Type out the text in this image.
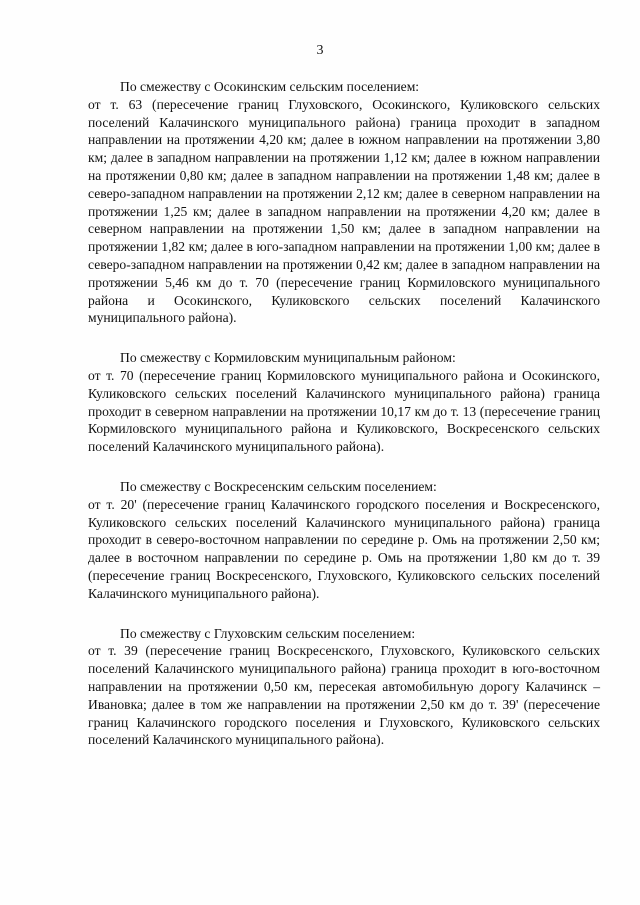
3

По смежеству с Осокинским сельским поселением:

от т. 63 (пересечение границ Глуховского, Осокинского, Куликовского сельских поселений Калачинского муниципального района) граница проходит в западном направлении на протяжении 4,20 км; далее в южном направлении на протяжении 3,80 км; далее в западном направлении на протяжении 1,12 км; далее в южном направлении на протяжении 0,80 км; далее в западном направлении на протяжении 1,48 км; далее в северо-западном направлении на протяжении 2,12 км; далее в северном направлении на протяжении 1,25 км; далее в западном направлении на протяжении 4,20 км; далее в северном направлении на протяжении 1,50 км; далее в западном направлении на протяжении 1,82 км; далее в юго-западном направлении на протяжении 1,00 км; далее в северо-западном направлении на протяжении 0,42 км; далее в западном направлении на протяжении 5,46 км до т. 70 (пересечение границ Кормиловского муниципального района и Осокинского, Куликовского сельских поселений Калачинского муниципального района).

По смежеству с Кормиловским муниципальным районом:

от т. 70 (пересечение границ Кормиловского муниципального района и Осокинского, Куликовского сельских поселений Калачинского муниципального района) граница проходит в северном направлении на протяжении 10,17 км до т. 13 (пересечение границ Кормиловского муниципального района и Куликовского, Воскресенского сельских поселений Калачинского муниципального района).

По смежеству с Воскресенским сельским поселением:

от т. 20' (пересечение границ Калачинского городского поселения и Воскресенского, Куликовского сельских поселений Калачинского муниципального района) граница проходит в северо-восточном направлении по середине р. Омь на протяжении 2,50 км; далее в восточном направлении по середине р. Омь на протяжении 1,80 км до т. 39 (пересечение границ Воскресенского, Глуховского, Куликовского сельских поселений Калачинского муниципального района).

По смежеству с Глуховским сельским поселением:

от т. 39 (пересечение границ Воскресенского, Глуховского, Куликовского сельских поселений Калачинского муниципального района) граница проходит в юго-восточном направлении на протяжении 0,50 км, пересекая автомобильную дорогу Калачинск – Ивановка; далее в том же направлении на протяжении 2,50 км до т. 39' (пересечение границ Калачинского городского поселения и Глуховского, Куликовского сельских поселений Калачинского муниципального района).
